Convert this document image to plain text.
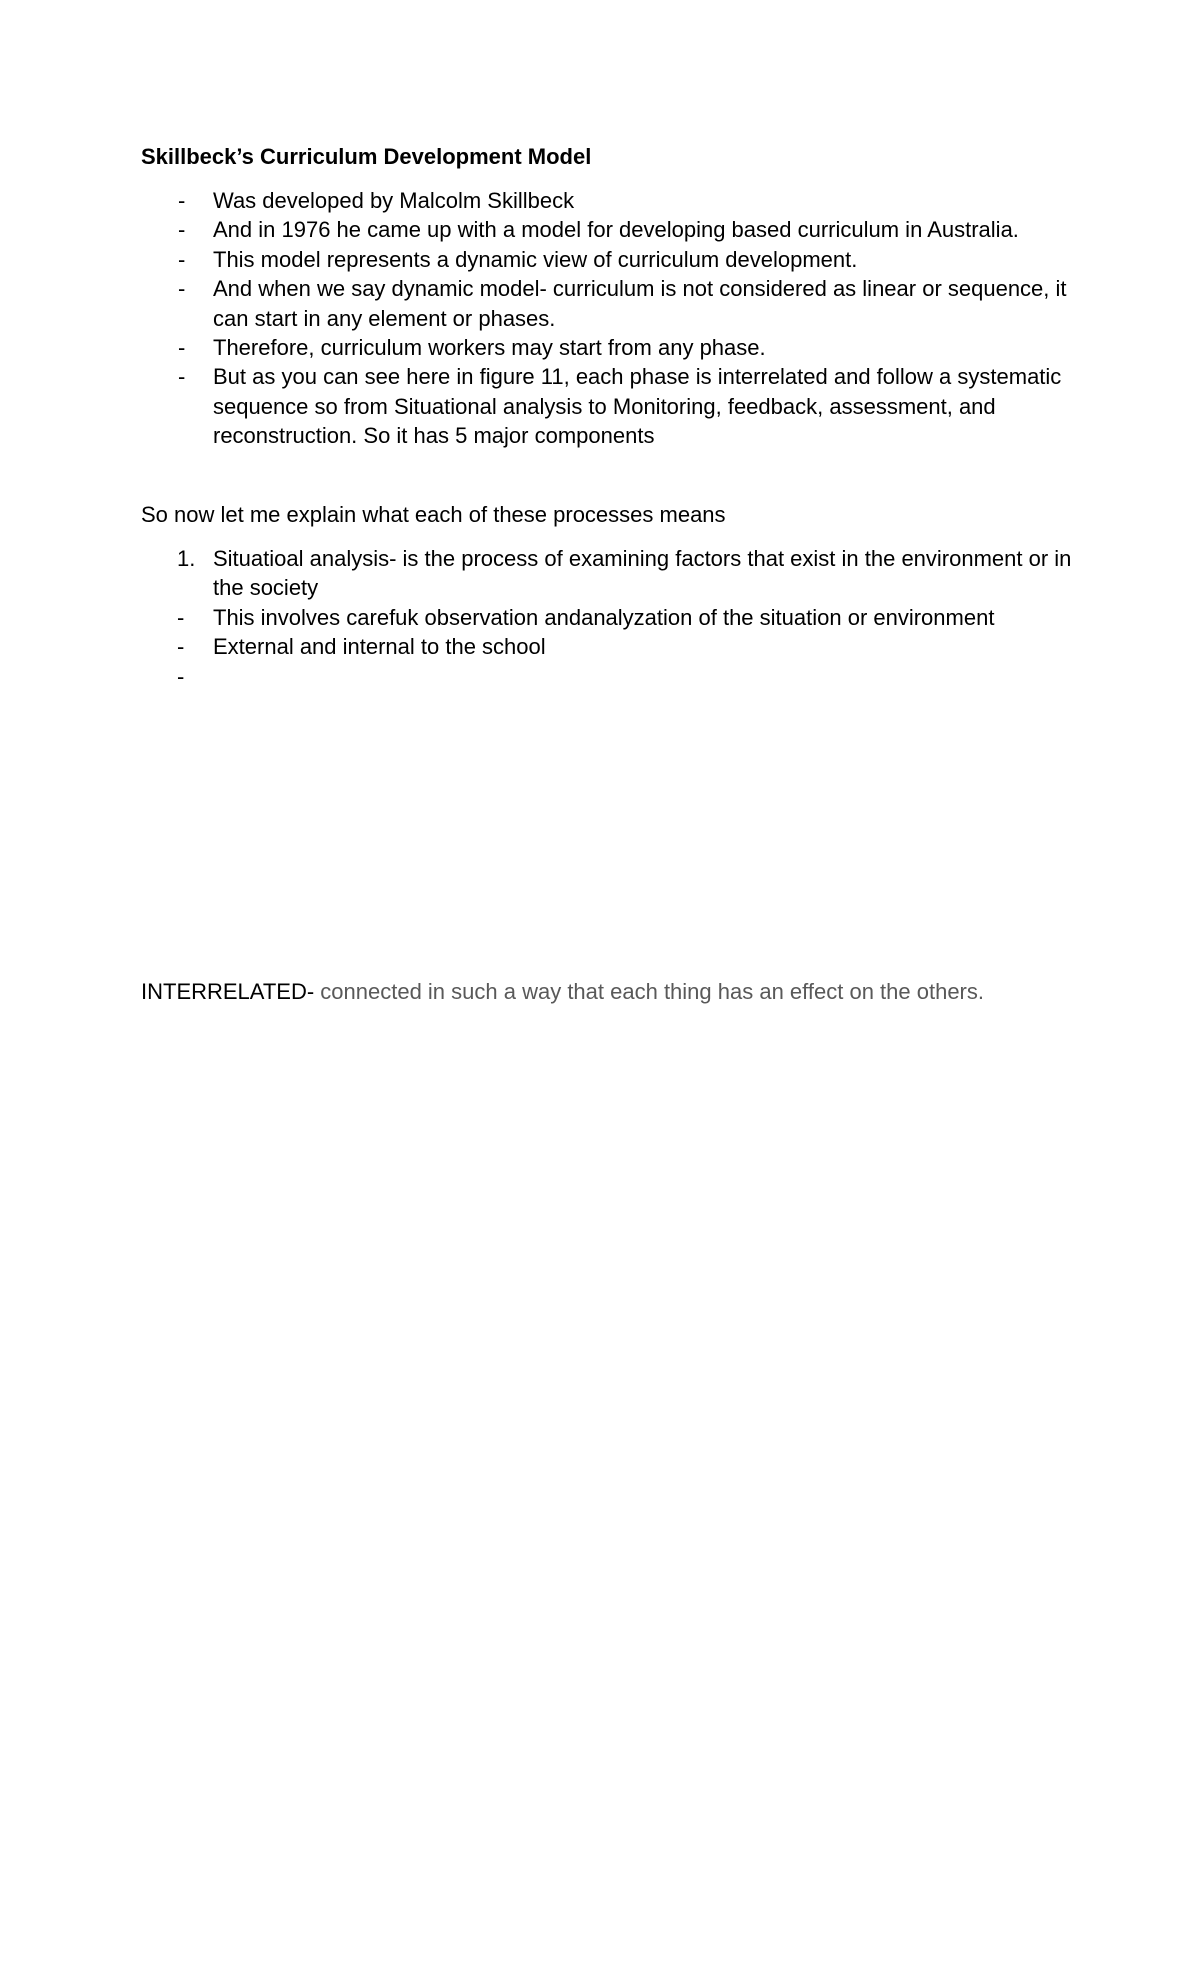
Skillbeck’s Curriculum Development Model
- Was developed by Malcolm Skillbeck
- And in 1976 he came up with a model for developing based curriculum in Australia.
- This model represents a dynamic view of curriculum development.
- And when we say dynamic model- curriculum is not considered as linear or sequence, it can start in any element or phases.
- Therefore, curriculum workers may start from any phase.
- But as you can see here in figure 11, each phase is interrelated and follow a systematic sequence so from Situational analysis to Monitoring, feedback, assessment, and reconstruction. So it has 5 major components

So now let me explain what each of these processes means

1. Situatioal analysis- is the process of examining factors that exist in the environment or in the society
- This involves carefuk observation andanalyzation of the situation or environment
- External and internal to the school
-

INTERRELATED- connected in such a way that each thing has an effect on the others.
